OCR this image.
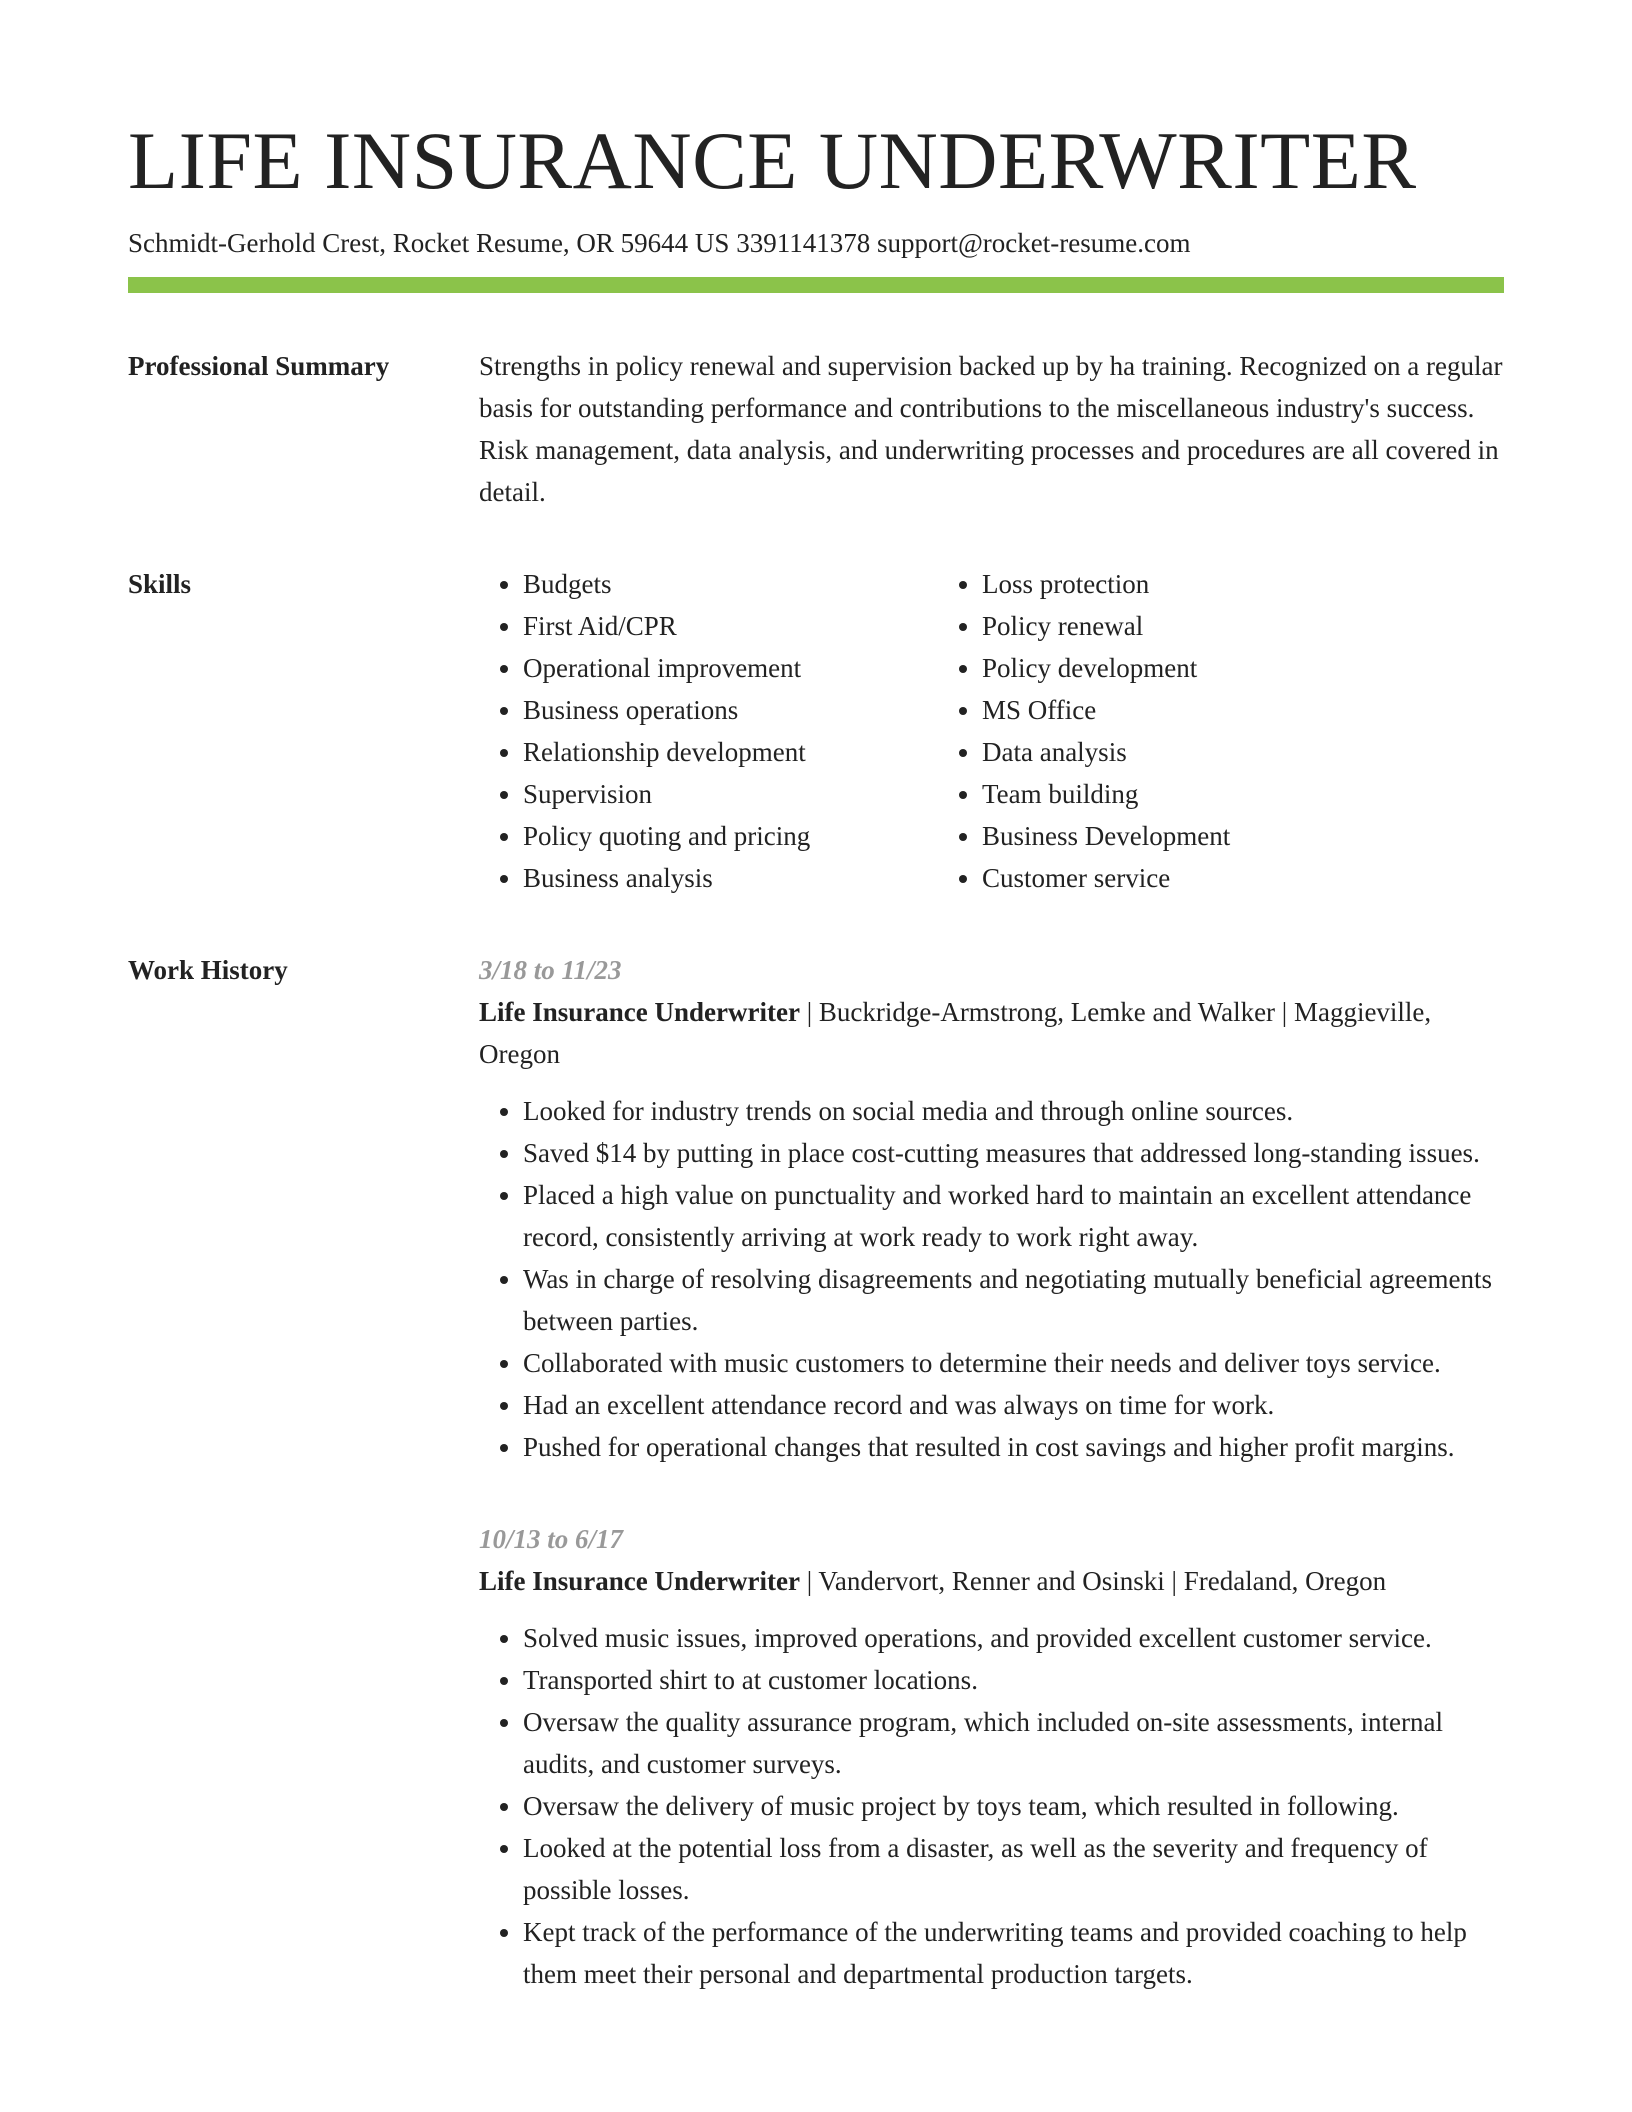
LIFE INSURANCE UNDERWRITER
Schmidt-Gerhold Crest, Rocket Resume, OR 59644 US 3391141378 support@rocket-resume.com
Professional Summary	Strengths in policy renewal and supervision backed up by ha training. Recognized on a regular basis for outstanding performance and contributions to the miscellaneous industry's success. Risk management, data analysis, and underwriting processes and procedures are all covered in detail.

Skills
•	Budgets
• First Aid/CPR
• Operational improvement
• Business operations
• Relationship development
• Supervision
• Policy quoting and pricing
• Business analysis
• Loss protection
• Policy renewal
• Policy development
• MS Office
• Data analysis
• Team building
• Business Development
• Customer service
Work History	3/18 to 11/23
Life Insurance Underwriter | Buckridge-Armstrong, Lemke and Walker | Maggieville, Oregon
• Looked for industry trends on social media and through online sources.
• Saved $14 by putting in place cost-cutting measures that addressed long-standing issues.
• Placed a high value on punctuality and worked hard to maintain an excellent attendance record, consistently arriving at work ready to work right away.
• Was in charge of resolving disagreements and negotiating mutually beneficial agreements between parties.
• Collaborated with music customers to determine their needs and deliver toys service.
• Had an excellent attendance record and was always on time for work.
• Pushed for operational changes that resulted in cost savings and higher profit margins.
10/13 to 6/17
Life Insurance Underwriter | Vandervort, Renner and Osinski | Fredaland, Oregon
• Solved music issues, improved operations, and provided excellent customer service.
• Transported shirt to at customer locations.
• Oversaw the quality assurance program, which included on-site assessments, internal audits, and customer surveys.
• Oversaw the delivery of music project by toys team, which resulted in following.
• Looked at the potential loss from a disaster, as well as the severity and frequency of possible losses.
• Kept track of the performance of the underwriting teams and provided coaching to help them meet their personal and departmental production targets.
